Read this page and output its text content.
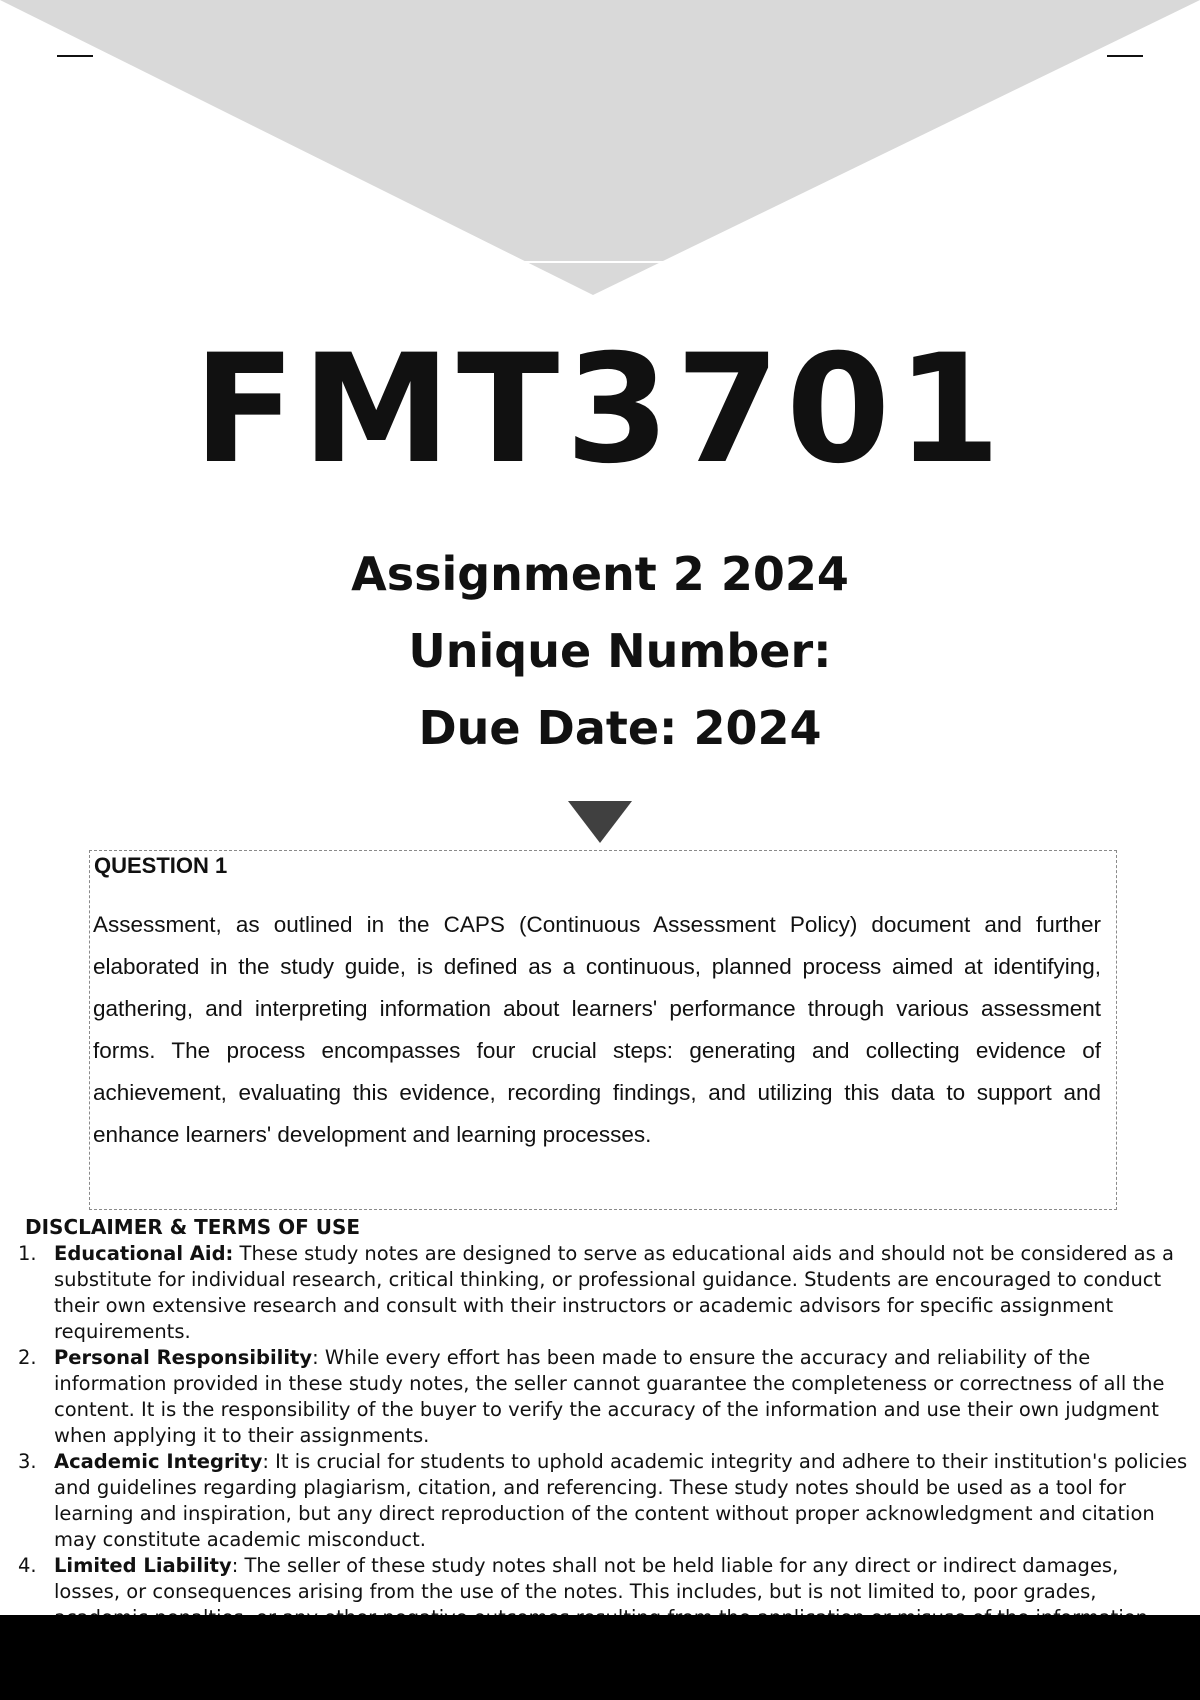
FMT3701
Assignment 2 2024
Unique Number:
Due Date: 2024
QUESTION 1

Assessment, as outlined in the CAPS (Continuous Assessment Policy) document and further elaborated in the study guide, is defined as a continuous, planned process aimed at identifying, gathering, and interpreting information about learners' performance through various assessment forms. The process encompasses four crucial steps: generating and collecting evidence of achievement, evaluating this evidence, recording findings, and utilizing this data to support and enhance learners' development and learning processes.

DISCLAIMER & TERMS OF USE
1. Educational Aid: These study notes are designed to serve as educational aids and should not be considered as a substitute for individual research, critical thinking, or professional guidance. Students are encouraged to conduct their own extensive research and consult with their instructors or academic advisors for specific assignment requirements.
2. Personal Responsibility: While every effort has been made to ensure the accuracy and reliability of the information provided in these study notes, the seller cannot guarantee the completeness or correctness of all the content. It is the responsibility of the buyer to verify the accuracy of the information and use their own judgment when applying it to their assignments.
3. Academic Integrity: It is crucial for students to uphold academic integrity and adhere to their institution's policies and guidelines regarding plagiarism, citation, and referencing. These study notes should be used as a tool for learning and inspiration, but any direct reproduction of the content without proper acknowledgment and citation may constitute academic misconduct.
4. Limited Liability: The seller of these study notes shall not be held liable for any direct or indirect damages, losses, or consequences arising from the use of the notes. This includes, but is not limited to, poor grades,
